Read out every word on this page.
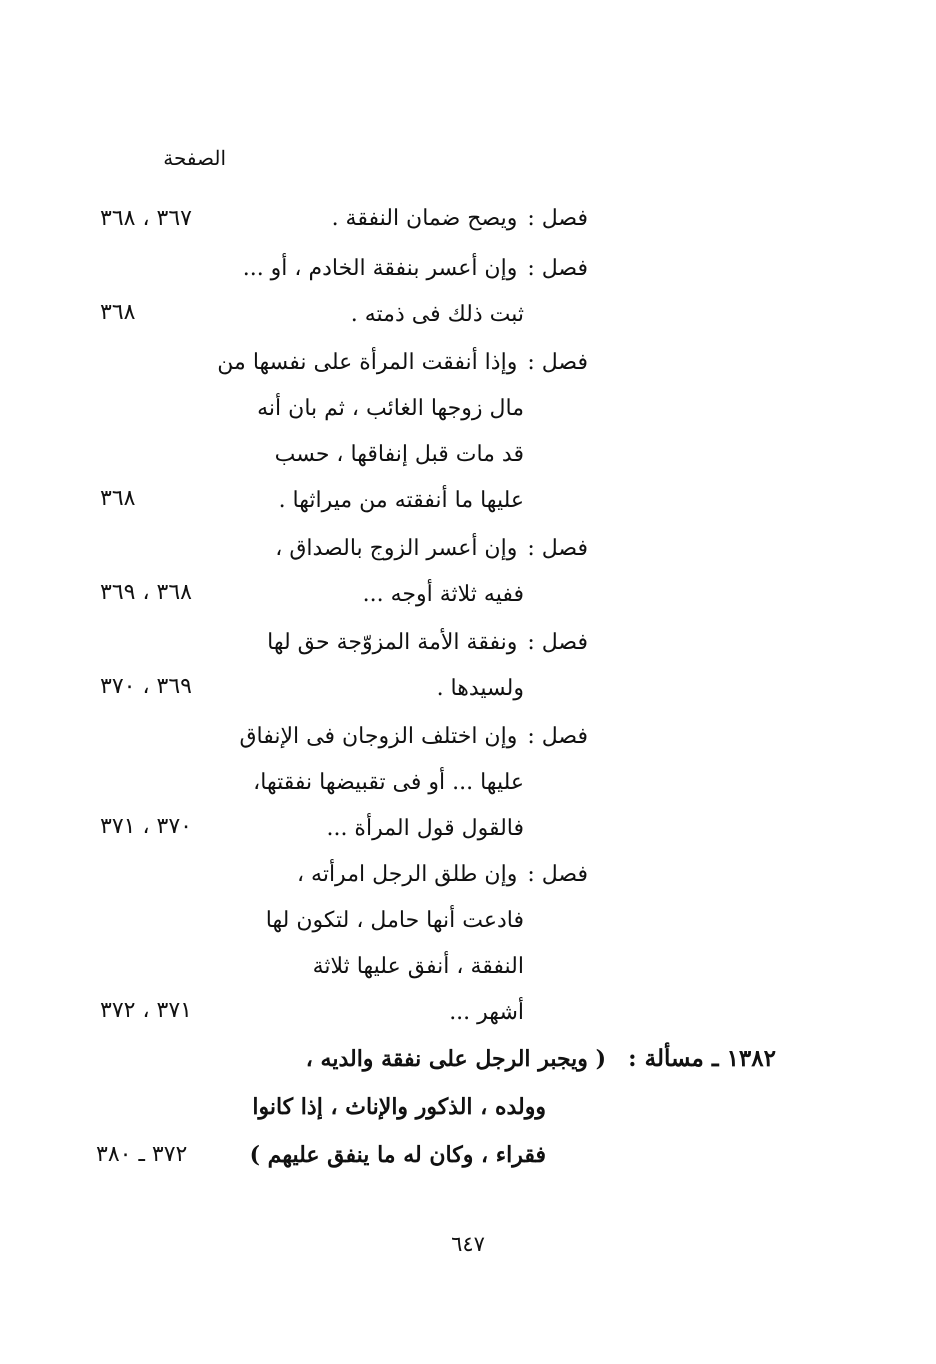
الصفحة
فصل :ويصح ضمان النفقة .
٣٦٧ ، ٣٦٨
فصل :وإن أعسر بنفقة الخادم ، أو ...
ثبت ذلك فى ذمته .
٣٦٨
فصل :وإذا أنفقت المرأة على نفسها من
مال زوجها الغائب ، ثم بان أنه
قد مات قبل إنفاقها ، حسب
عليها ما أنفقته من ميراثها .
٣٦٨
فصل :وإن أعسر الزوج بالصداق ،
ففيه ثلاثة أوجه ...
٣٦٨ ، ٣٦٩
فصل :ونفقة الأمة المزوّجة حق لها
ولسيدها .
٣٦٩ ، ٣٧٠
فصل :وإن اختلف الزوجان فى الإنفاق
عليها ... أو فى تقبيضها نفقتها،
فالقول قول المرأة ...
٣٧٠ ، ٣٧١
فصل :وإن طلق الرجل امرأته ،
فادعت أنها حامل ، لتكون لها
النفقة ، أنفق عليها ثلاثة
أشهر ...
٣٧١ ، ٣٧٢
١٣٨٢ ـ مسألة :
( ويجبر الرجل على نفقة والديه ،
وولده ، الذكور والإناث ، إذا كانوا
فقراء ، وكان له ما ينفق عليهم )
٣٧٢ ـ ٣٨٠
٦٤٧
